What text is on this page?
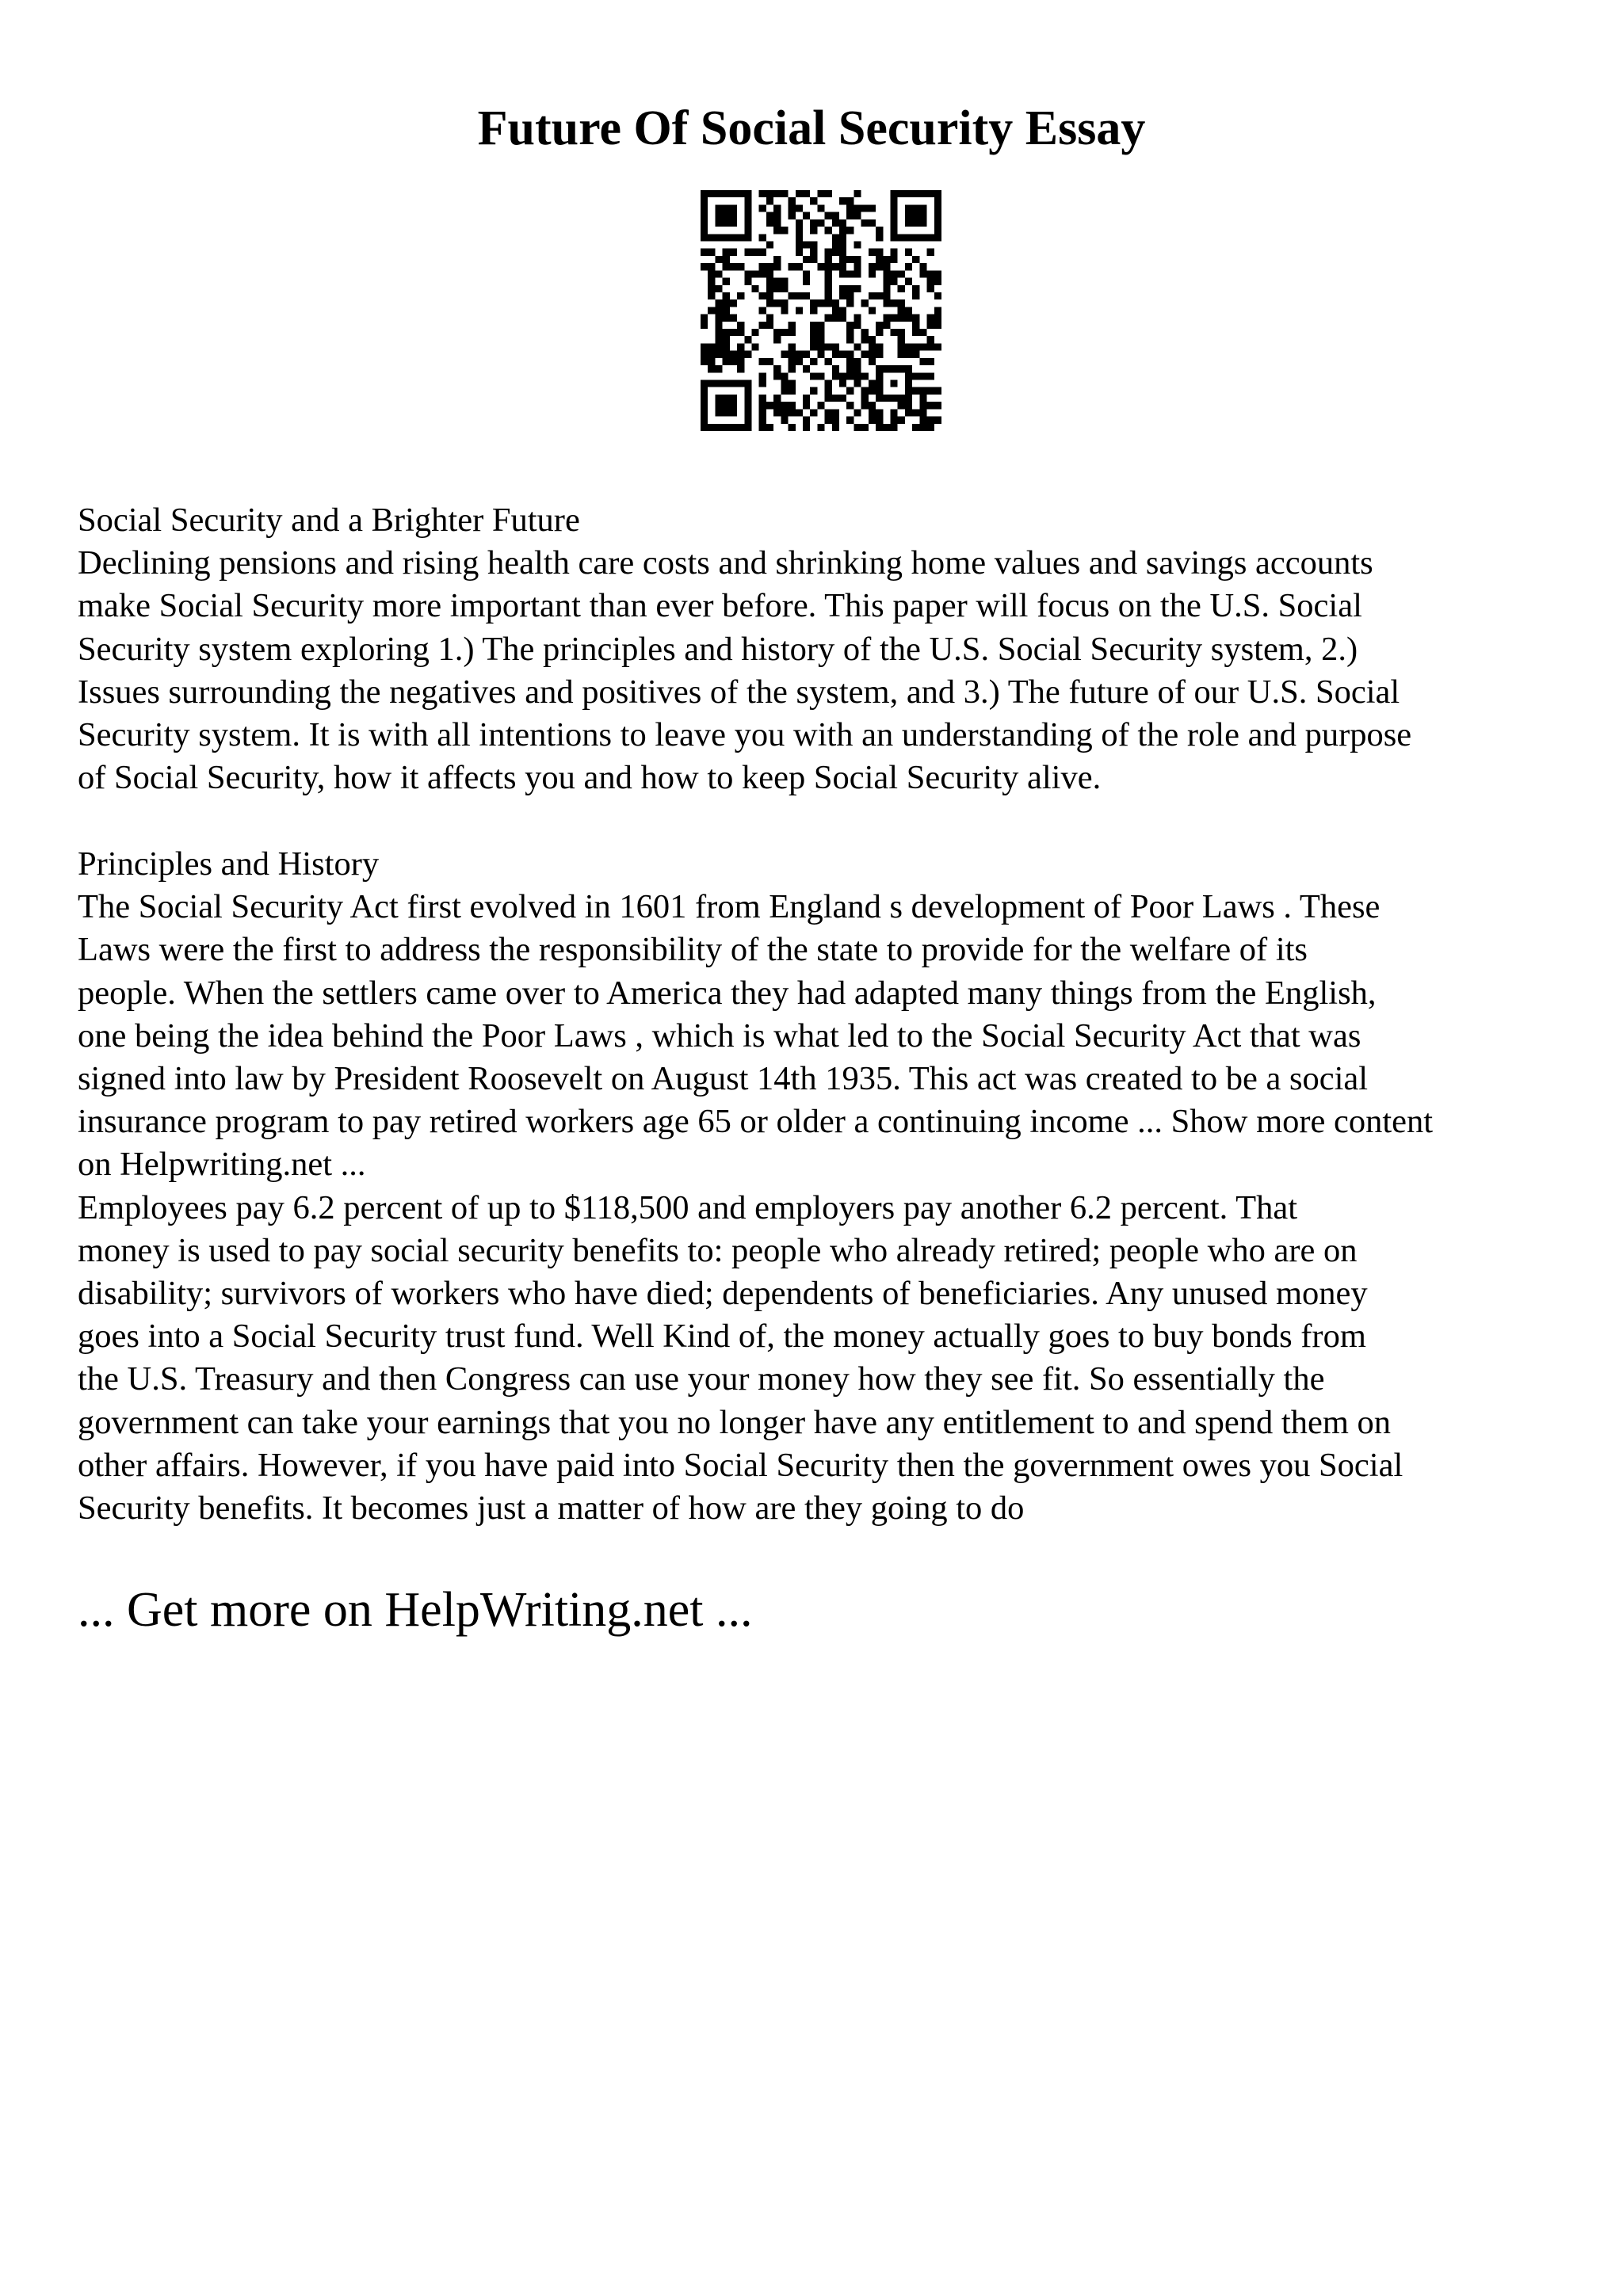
Future Of Social Security Essay
Social Security and a Brighter Future
Declining pensions and rising health care costs and shrinking home values and savings accounts
make Social Security more important than ever before. This paper will focus on the U.S. Social
Security system exploring 1.) The principles and history of the U.S. Social Security system, 2.)
Issues surrounding the negatives and positives of the system, and 3.) The future of our U.S. Social
Security system. It is with all intentions to leave you with an understanding of the role and purpose
of Social Security, how it affects you and how to keep Social Security alive.
Principles and History
The Social Security Act first evolved in 1601 from England s development of Poor Laws . These
Laws were the first to address the responsibility of the state to provide for the welfare of its
people. When the settlers came over to America they had adapted many things from the English,
one being the idea behind the Poor Laws , which is what led to the Social Security Act that was
signed into law by President Roosevelt on August 14th 1935. This act was created to be a social
insurance program to pay retired workers age 65 or older a continuing income ... Show more content
on Helpwriting.net ...
Employees pay 6.2 percent of up to $118,500 and employers pay another 6.2 percent. That
money is used to pay social security benefits to: people who already retired; people who are on
disability; survivors of workers who have died; dependents of beneficiaries. Any unused money
goes into a Social Security trust fund. Well Kind of, the money actually goes to buy bonds from
the U.S. Treasury and then Congress can use your money how they see fit. So essentially the
government can take your earnings that you no longer have any entitlement to and spend them on
other affairs. However, if you have paid into Social Security then the government owes you Social
Security benefits. It becomes just a matter of how are they going to do
... Get more on HelpWriting.net ...
